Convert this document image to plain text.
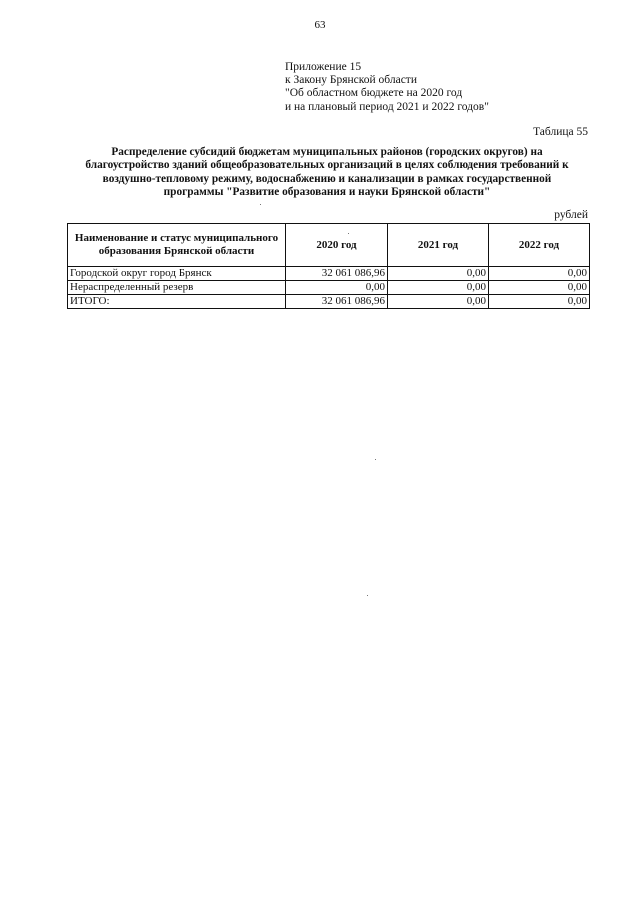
63
Приложение 15
к Закону Брянской области
"Об областном бюджете на 2020 год
и на плановый период 2021 и 2022 годов"
Таблица 55
Распределение субсидий бюджетам муниципальных районов (городских округов) на
благоустройство зданий общеобразовательных организаций в целях соблюдения требований к
воздушно-тепловому режиму, водоснабжению и канализации в рамках государственной
программы "Развитие образования и науки Брянской области"
рублей
Наименование и статус муниципального образования Брянской области	2020 год	2021 год	2022 год
Городской округ город Брянск	32 061 086,96	0,00	0,00
Нераспределенный резерв	0,00	0,00	0,00
ИТОГО:	32 061 086,96	0,00	0,00
